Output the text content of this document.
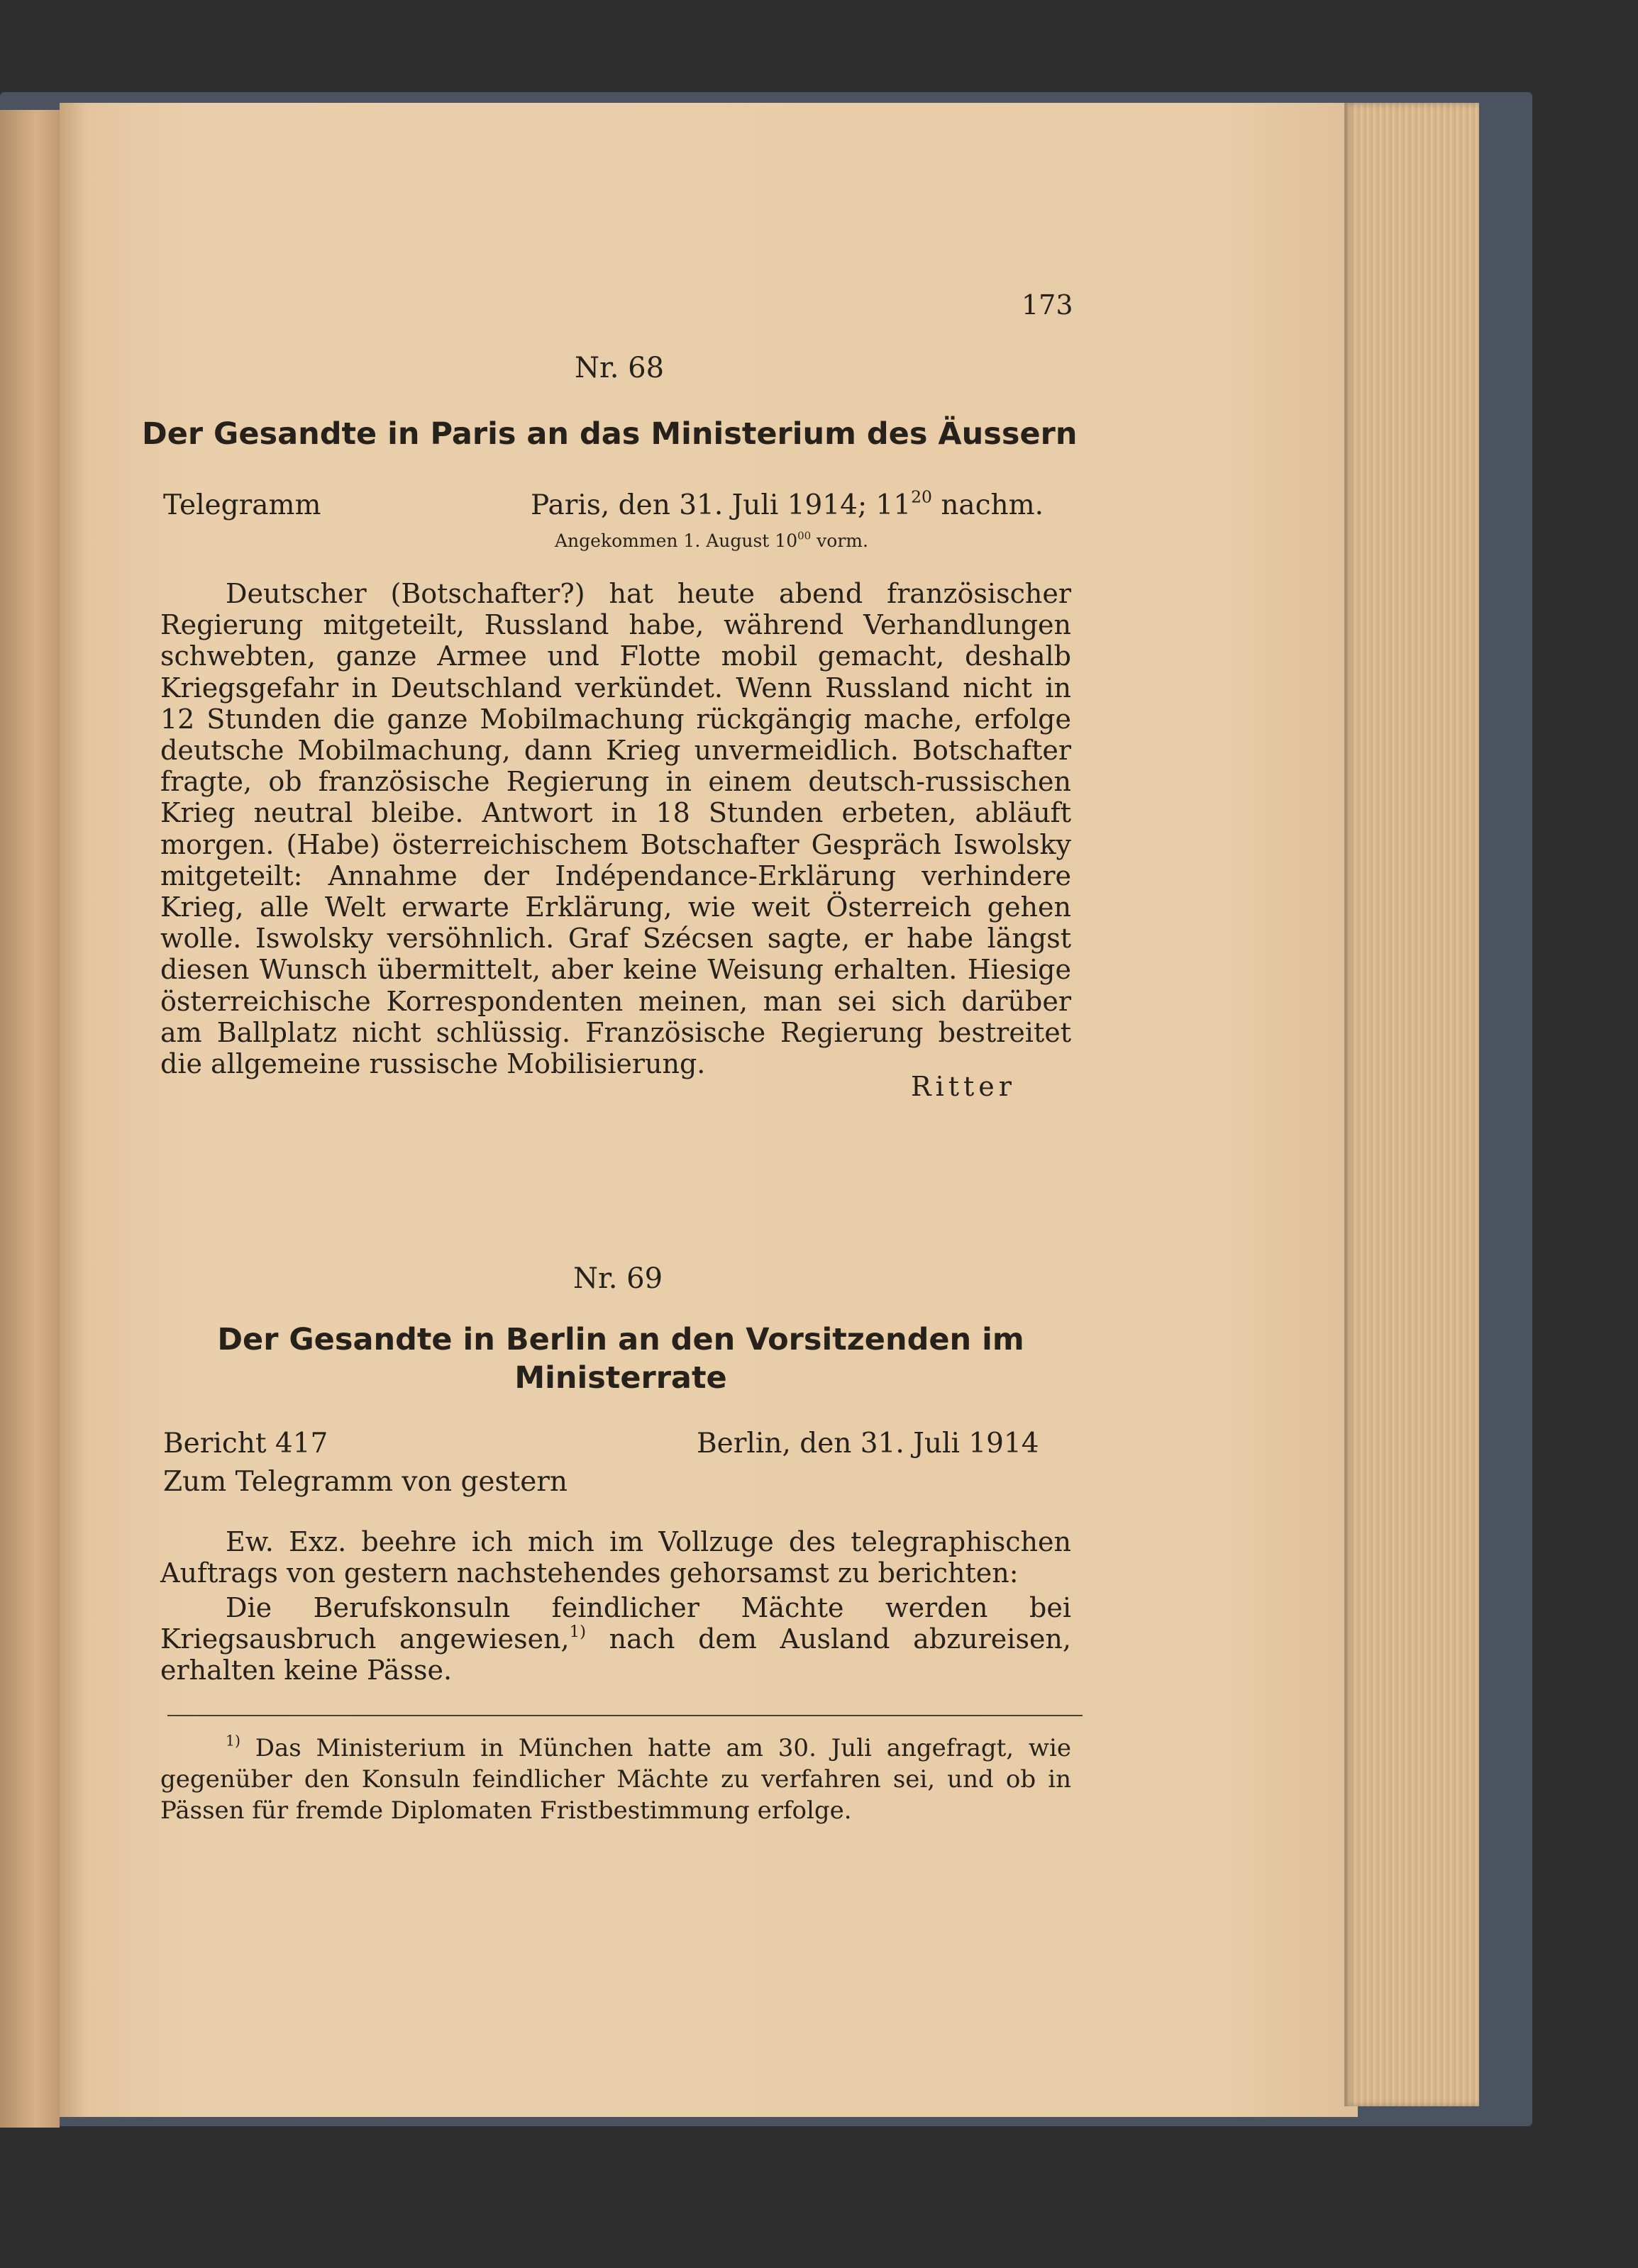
173
Nr. 68
Der Gesandte in Paris an das Ministerium des Äussern
Telegramm	Paris, den 31. Juli 1914; $11^{20}$ nachm.
Angekommen 1. August $10^{00}$ vorm.
Deutscher (Botschafter?) hat heute abend französischer Regierung mitgeteilt, Russland habe, während Verhandlungen schwebten, ganze Armee und Flotte mobil gemacht, deshalb Kriegsgefahr in Deutschland verkündet. Wenn Russland nicht in 12 Stunden die ganze Mobilmachung rückgängig mache, erfolge deutsche Mobilmachung, dann Krieg unvermeidlich. Botschafter fragte, ob französische Regierung in einem deutsch-russischen Krieg neutral bleibe. Antwort in 18 Stunden erbeten, abläuft morgen. (Habe) österreichischem Botschafter Gespräch Iswolsky mitgeteilt: Annahme der Indépendance-Erklärung verhindere Krieg, alle Welt erwarte Erklärung, wie weit Österreich gehen wolle. Iswolsky versöhnlich. Graf Szécsen sagte, er habe längst diesen Wunsch übermittelt, aber keine Weisung erhalten. Hiesige österreichische Korrespondenten meinen, man sei sich darüber am Ballplatz nicht schlüssig. Französische Regierung bestreitet die allgemeine russische Mobilisierung.
Ritter
Nr. 69
Der Gesandte in Berlin an den Vorsitzenden im
Ministerrate
Bericht 417	Berlin, den 31. Juli 1914
Zum Telegramm von gestern
Ew. Exz. beehre ich mich im Vollzuge des telegraphischen Auftrags von gestern nachstehendes gehorsamst zu berichten:
Die Berufskonsuln feindlicher Mächte werden bei Kriegsausbruch angewiesen,$^{1)}$ nach dem Ausland abzureisen, erhalten keine Pässe.
$^{1)}$ Das Ministerium in München hatte am 30. Juli angefragt, wie gegenüber den Konsuln feindlicher Mächte zu verfahren sei, und ob in Pässen für fremde Diplomaten Fristbestimmung erfolge.
